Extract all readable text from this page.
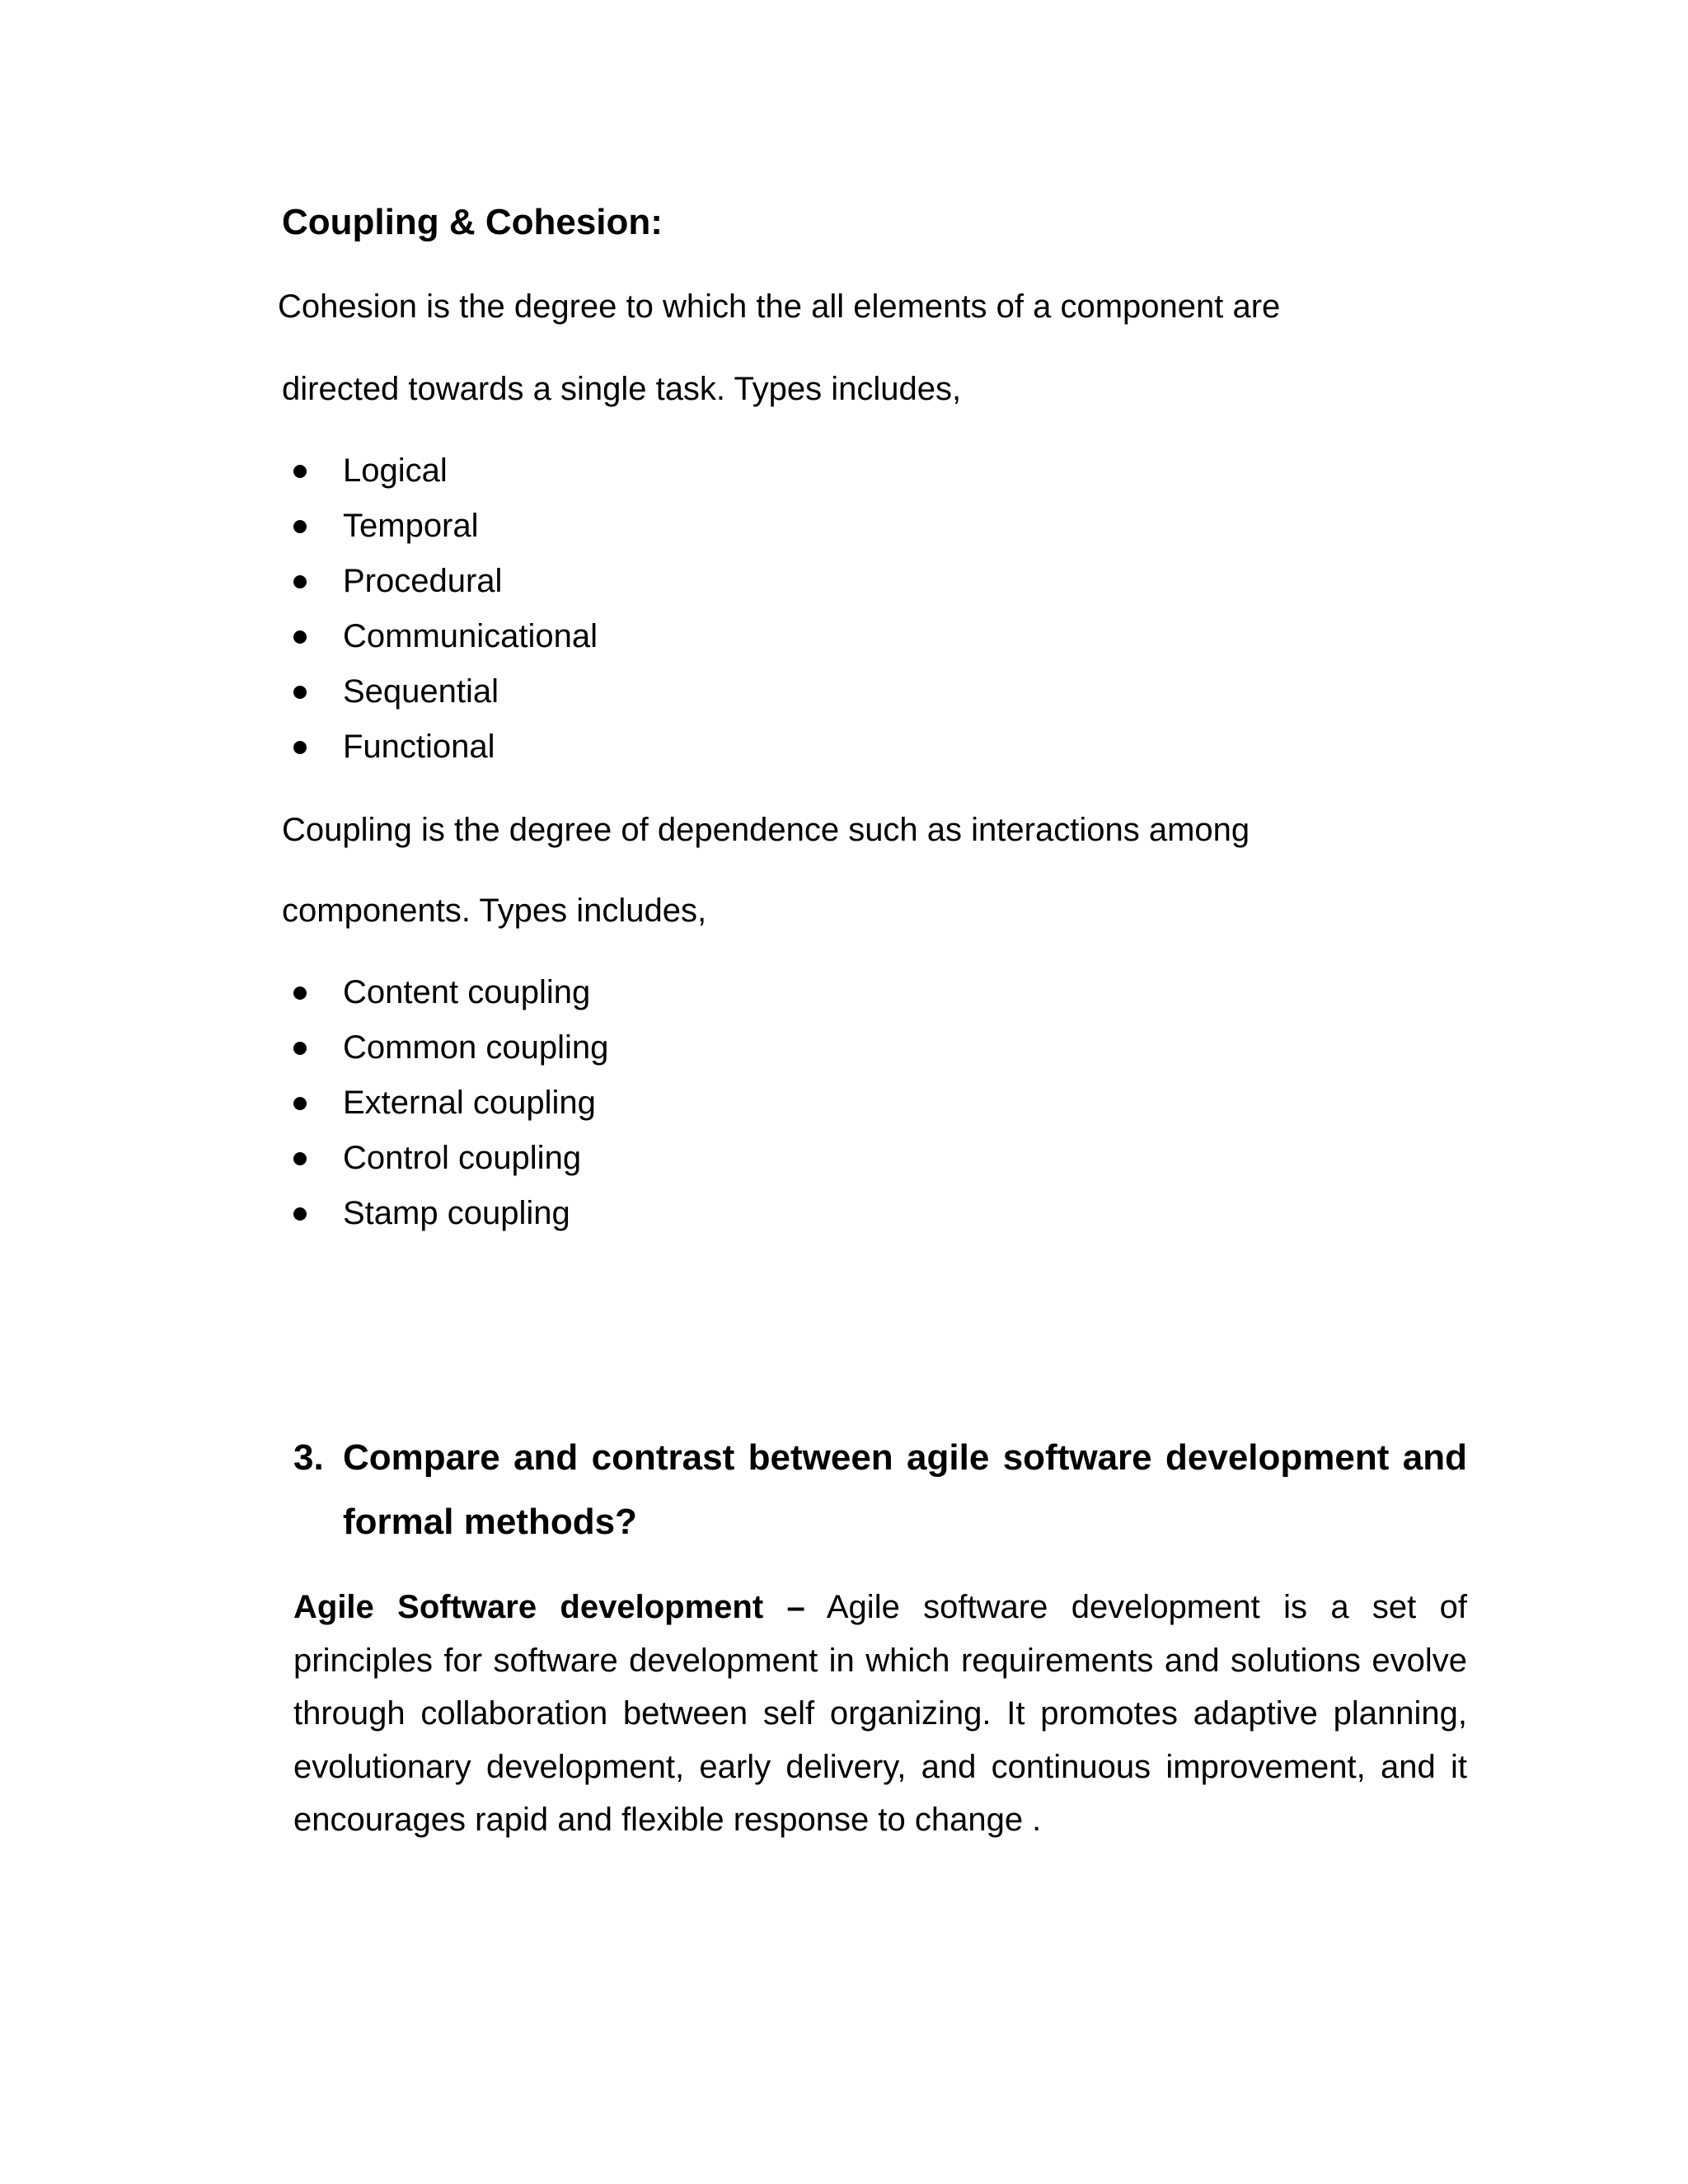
Coupling & Cohesion:

Cohesion is the degree to which the all elements of a component are

directed towards a single task. Types includes,

Logical
Temporal
Procedural
Communicational
Sequential
Functional

Coupling is the degree of dependence such as interactions among

components. Types includes,

Content coupling
Common coupling
External coupling
Control coupling
Stamp coupling
3. Compare and contrast between agile software development and formal methods?

Agile Software development – Agile software development is a set of principles for software development in which requirements and solutions evolve through collaboration between self organizing. It promotes adaptive planning, evolutionary development, early delivery, and continuous improvement, and it encourages rapid and flexible response to change .
